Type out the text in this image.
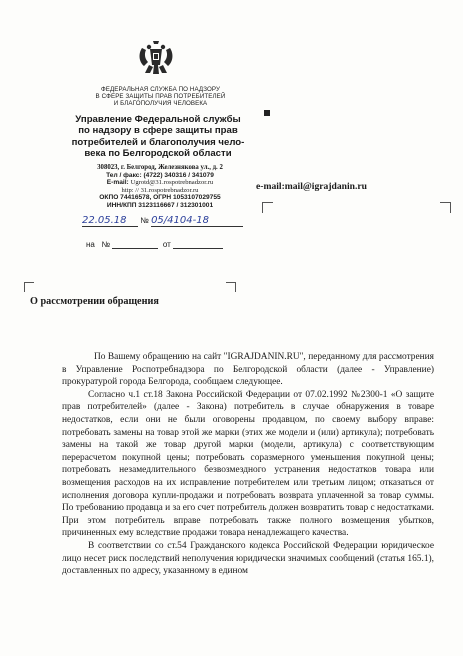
ФЕДЕРАЛЬНАЯ СЛУЖБА ПО НАДЗОРУ
В СФЕРЕ ЗАЩИТЫ ПРАВ ПОТРЕБИТЕЛЕЙ
И БЛАГОПОЛУЧИЯ ЧЕЛОВЕКА
Управление Федеральной службы
по надзору в сфере защиты прав
потребителей и благополучия чело-
века по Белгородской области
308023, г. Белгород, Железнякова ул., д. 2
Тел / факс: (4722) 340316 / 341079
E-mail: Ugrotd@31.rospotrebnadzor.ru
http: // 31.rospotrebnadzor.ru
ОКПО 74416578, ОГРН 1053107029755
ИНН/КПП 3123116667 / 312301001
22.05.18 № 05/4104-18
на №	от
e-mail:mail@igrajdanin.ru
О рассмотрении обращения

По Вашему обращению на сайт "IGRAJDANIN.RU", переданному для рассмотрения в Управление Роспотребнадзора по Белгородской области (далее - Управление) прокуратурой города Белгорода, сообщаем следующее.

Согласно ч.1 ст.18 Закона Российской Федерации от 07.02.1992 №2300-1 «О защите прав потребителей» (далее - Закона) потребитель в случае обнаружения в товаре недостатков, если они не были оговорены продавцом, по своему выбору вправе: потребовать замены на товар этой же марки (этих же модели и (или) артикула); потребовать замены на такой же товар другой марки (модели, артикула) с соответствующим перерасчетом покупной цены; потребовать соразмерного уменьшения покупной цены; потребовать незамедлительного безвозмездного устранения недостатков товара или возмещения расходов на их исправление потребителем или третьим лицом; отказаться от исполнения договора купли-продажи и потребовать возврата уплаченной за товар суммы. По требованию продавца и за его счет потребитель должен возвратить товар с недостатками. При этом потребитель вправе потребовать также полного возмещения убытков, причиненных ему вследствие продажи товара ненадлежащего качества.

В соответствии со ст.54 Гражданского кодекса Российской Федерации юридическое лицо несет риск последствий неполучения юридически значимых сообщений (статья 165.1), доставленных по адресу, указанному в едином
